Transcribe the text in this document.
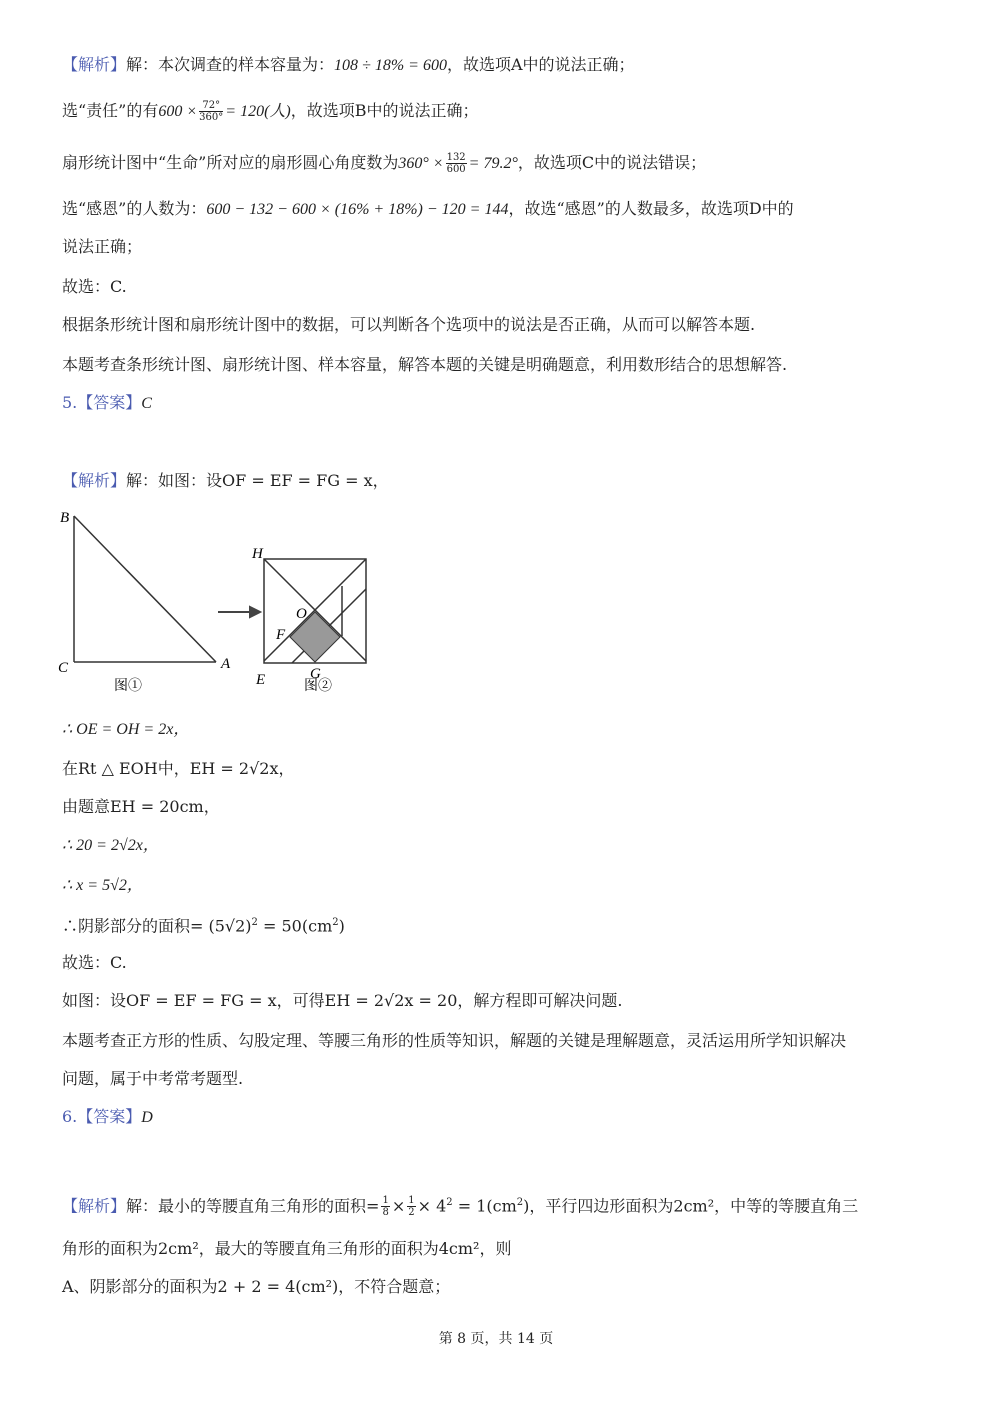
【解析】解：本次调查的样本容量为：108 ÷ 18% = 600，故选项A中的说法正确；
选“责任”的有$600 \times \frac{72^\circ}{360^\circ} = 120$(人)，故选项B中的说法正确；
扇形统计图中“生命”所对应的扇形圆心角度数为$360^\circ \times \frac{132}{600} = 79.2^\circ$，故选项C中的说法错误；
选“感恩”的人数为：600 − 132 − 600 × (16% + 18%) − 120 = 144，故选“感恩”的人数最多，故选项D中的
说法正确；
故选：C.
根据条形统计图和扇形统计图中的数据，可以判断各个选项中的说法是否正确，从而可以解答本题.
本题考查条形统计图、扇形统计图、样本容量，解答本题的关键是明确题意，利用数形结合的思想解答.
5.【答案】C
【解析】解：如图：设OF = EF = FG = x，
B
C	A
图①
H
O
F
G
E	图②
∴ OE = OH = 2x，
在Rt △ EOH中，EH = 2√2x，
由题意EH = 20cm，
∴ 20 = 2√2x，
∴ x = 5√2，
∴阴影部分的面积= $(5√2)^2 = 50(cm^2)$
故选：C.
如图：设OF = EF = FG = x，可得EH = 2√2x = 20，解方程即可解决问题.
本题考查正方形的性质、勾股定理、等腰三角形的性质等知识，解题的关键是理解题意，灵活运用所学知识解决
问题，属于中考常考题型.
6.【答案】D
【解析】解：最小的等腰直角三角形的面积= $\frac{1}{8} \times \frac{1}{2} \times 4^2 = 1(cm^2)$，平行四边形面积为2cm²，中等的等腰直角三
角形的面积为2cm²，最大的等腰直角三角形的面积为4cm²，则
A、阴影部分的面积为2 + 2 = 4(cm²)，不符合题意；
第 8 页，共 14 页
